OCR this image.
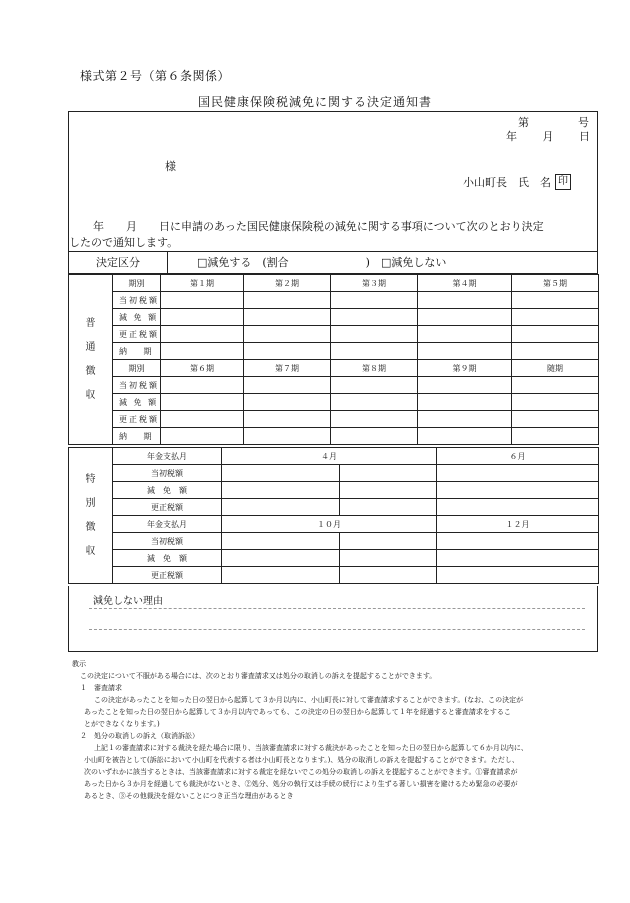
様式第２号（第６条関係）
国民健康保険税減免に関する決定通知書
第　　　　号
年 月 日
様
小山町長　氏　名 印
年　　月　　日に申請のあった国民健康保険税の減免に関する事項について次のとおり決定
したので通知します。
決定区分	□減免する　(割合　　　　　　　)　□減免しない
普
通
徴
収	期別	第１期	第２期	第３期	第４期	第５期
	当初税額					
	減 免 額					
	更正税額					
	納　 期					
	期別	第６期	第７期	第８期	第９期	随期
	当初税額					
	減 免 額					
	更正税額					
	納　 期					
特
別
徴
収	年金支払月	４月		６月	
	当初税額				
	減　免　額				
	更正税額				
	年金支払月	１０月		１２月	
	当初税額				
	減　免　額				
	更正税額				
減免しない理由

教示

この決定について不服がある場合には、次のとおり審査請求又は処分の取消しの訴えを提起することができます。

１　審査請求

この決定があったことを知った日の翌日から起算して３か月以内に、小山町長に対して審査請求することができます。(なお、この決定が

あったことを知った日の翌日から起算して３か月以内であっても、この決定の日の翌日から起算して１年を経過すると審査請求をするこ

とができなくなります。)

２　処分の取消しの訴え（取消訴訟）

上記１の審査請求に対する裁決を経た場合に限り、当該審査請求に対する裁決があったことを知った日の翌日から起算して６か月以内に、

小山町を被告として(訴訟において小山町を代表する者は小山町長となります。)、処分の取消しの訴えを提起することができます。ただし、

次のいずれかに該当するときは、当該審査請求に対する裁定を経ないでこの処分の取消しの訴えを提起することができます。①審査請求が

あった日から３か月を経過しても裁決がないとき、②処分、処分の執行又は手続の続行により生ずる著しい損害を避けるため緊急の必要が

あるとき、③その他裁決を経ないことにつき正当な理由があるとき
